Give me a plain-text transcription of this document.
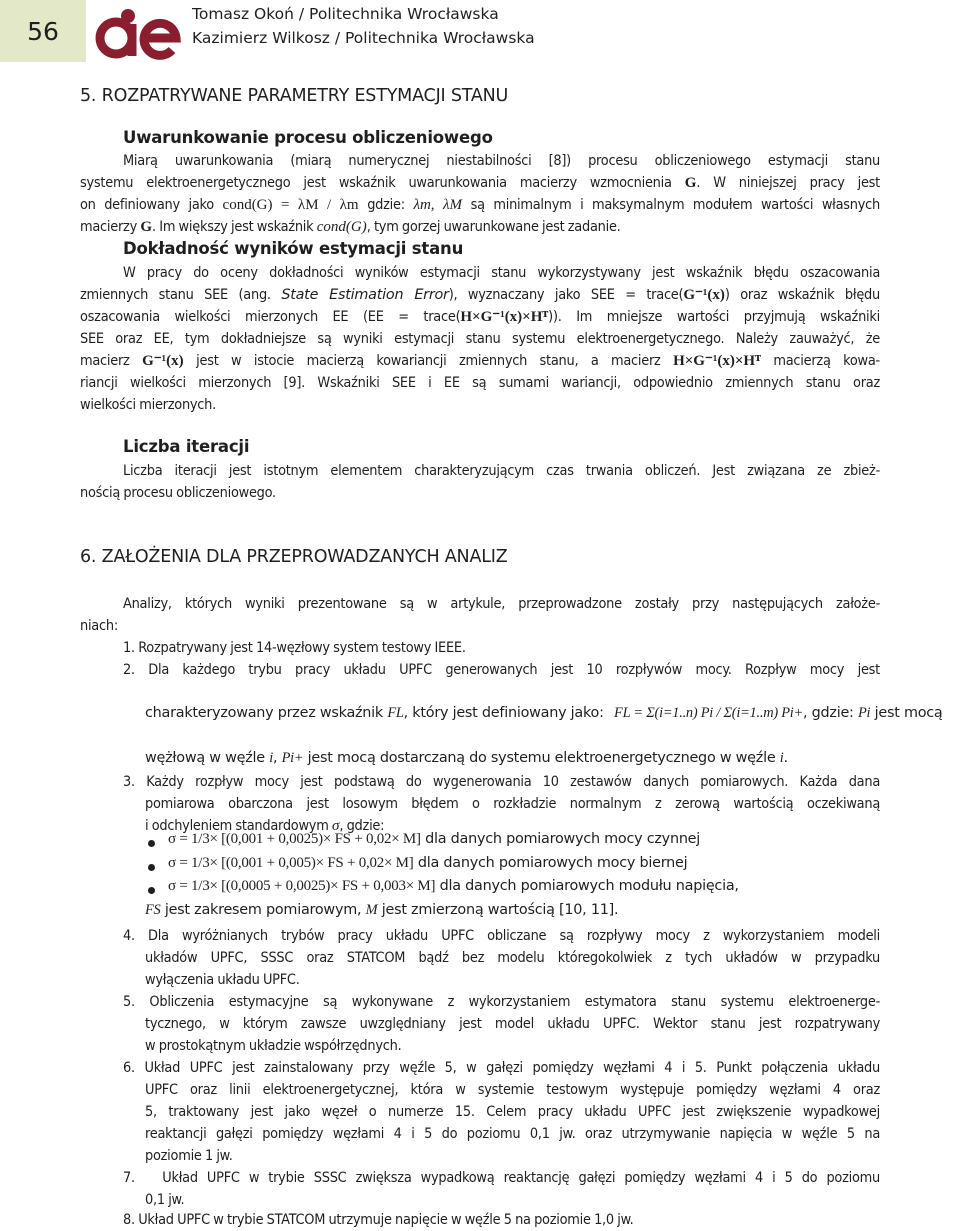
56
Tomasz Okoń / Politechnika Wrocławska
Kazimierz Wilkosz / Politechnika Wrocławska
5. ROZPATRYWANE PARAMETRY ESTYMACJI STANU
Uwarunkowanie procesu obliczeniowego
Miarą uwarunkowania (miarą numerycznej niestabilności [8]) procesu obliczeniowego estymacji stanu
systemu elektroenergetycznego jest wskaźnik uwarunkowania macierzy wzmocnienia G. W niniejszej pracy jest
on definiowany jako cond(G) = λM / λm gdzie: λm, λM są minimalnym i maksymalnym modułem wartości własnych
macierzy G. Im większy jest wskaźnik cond(G), tym gorzej uwarunkowane jest zadanie.
Dokładność wyników estymacji stanu
W pracy do oceny dokładności wyników estymacji stanu wykorzystywany jest wskaźnik błędu oszacowania
zmiennych stanu SEE (ang. State Estimation Error), wyznaczany jako SEE = trace(G⁻¹(x)) oraz wskaźnik błędu
oszacowania wielkości mierzonych EE (EE = trace(H×G⁻¹(x)×Hᵀ)). Im mniejsze wartości przyjmują wskaźniki
SEE oraz EE, tym dokładniejsze są wyniki estymacji stanu systemu elektroenergetycznego. Należy zauważyć, że
macierz G⁻¹(x) jest w istocie macierzą kowariancji zmiennych stanu, a macierz H×G⁻¹(x)×Hᵀ macierzą kowa-
riancji wielkości mierzonych [9]. Wskaźniki SEE i EE są sumami wariancji, odpowiednio zmiennych stanu oraz
wielkości mierzonych.
Liczba iteracji
Liczba iteracji jest istotnym elementem charakteryzującym czas trwania obliczeń. Jest związana ze zbież-
nością procesu obliczeniowego.
6. ZAŁOŻENIA DLA PRZEPROWADZANYCH ANALIZ
Analizy, których wyniki prezentowane są w artykule, przeprowadzone zostały przy następujących założe-
niach:
1. Rozpatrywany jest 14-węzłowy system testowy IEEE.
2. Dla każdego trybu pracy układu UPFC generowanych jest 10 rozpływów mocy. Rozpływ mocy jest
charakteryzowany przez wskaźnik FL, który jest definiowany jako: FL = Σ(i=1..n) Pi / Σ(i=1..m) Pi+, gdzie: Pi jest mocą
wężłową w węźle i, Pi+ jest mocą dostarczaną do systemu elektroenergetycznego w węźle i.
3. Każdy rozpływ mocy jest podstawą do wygenerowania 10 zestawów danych pomiarowych. Każda dana
pomiarowa obarczona jest losowym błędem o rozkładzie normalnym z zerową wartością oczekiwaną
i odchyleniem standardowym σ, gdzie:
σ = 1/3× [(0,001 + 0,0025)× FS + 0,02× M] dla danych pomiarowych mocy czynnej
σ = 1/3× [(0,001 + 0,005)× FS + 0,02× M] dla danych pomiarowych mocy biernej
σ = 1/3× [(0,0005 + 0,0025)× FS + 0,003× M] dla danych pomiarowych modułu napięcia,
FS jest zakresem pomiarowym, M jest zmierzoną wartością [10, 11].
4. Dla wyróżnianych trybów pracy układu UPFC obliczane są rozpływy mocy z wykorzystaniem modeli
układów UPFC, SSSC oraz STATCOM bądź bez modelu któregokolwiek z tych układów w przypadku
wyłączenia układu UPFC.
5. Obliczenia estymacyjne są wykonywane z wykorzystaniem estymatora stanu systemu elektroenerge-
tycznego, w którym zawsze uwzględniany jest model układu UPFC. Wektor stanu jest rozpatrywany
w prostokątnym układzie współrzędnych.
6. Układ UPFC jest zainstalowany przy węźle 5, w gałęzi pomiędzy węzłami 4 i 5. Punkt połączenia układu
UPFC oraz linii elektroenergetycznej, która w systemie testowym występuje pomiędzy węzłami 4 oraz
5, traktowany jest jako węzeł o numerze 15. Celem pracy układu UPFC jest zwiększenie wypadkowej
reaktancji gałęzi pomiędzy węzłami 4 i 5 do poziomu 0,1 jw. oraz utrzymywanie napięcia w węźle 5 na
poziomie 1 jw.
7.   Układ UPFC w trybie SSSC zwiększa wypadkową reaktancję gałęzi pomiędzy węzłami 4 i 5 do poziomu
0,1 jw.
8. Układ UPFC w trybie STATCOM utrzymuje napięcie w węźle 5 na poziomie 1,0 jw.
